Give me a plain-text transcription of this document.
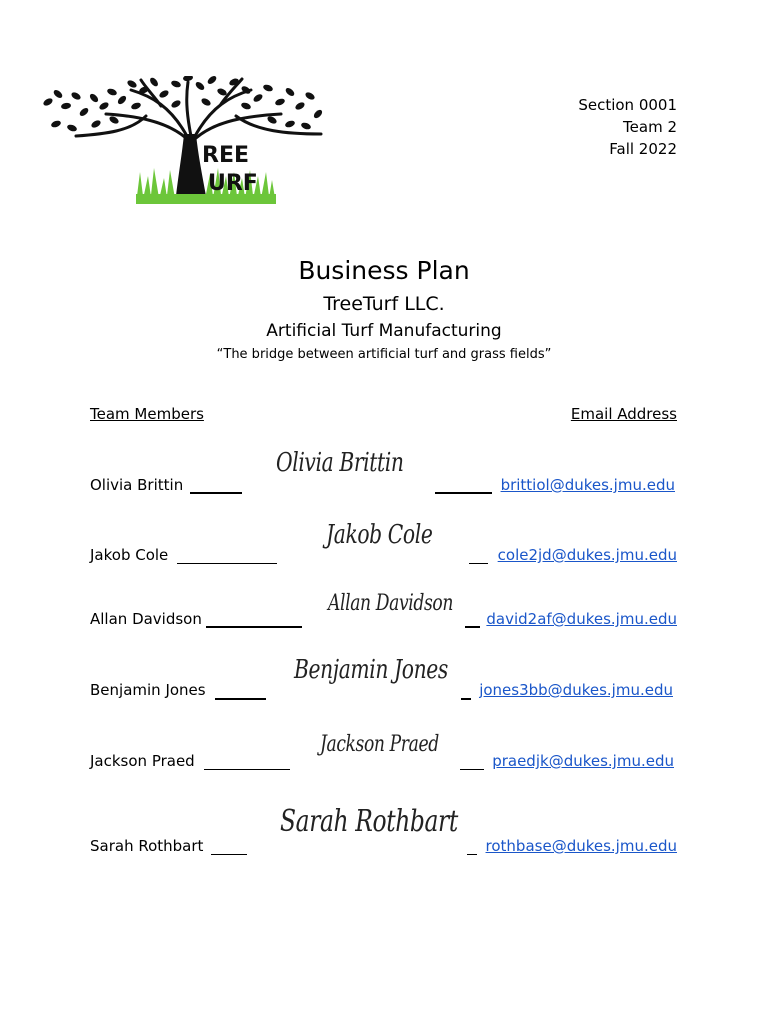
REE
URF
Section 0001
Team 2
Fall 2022
Business Plan
TreeTurf LLC.
Artificial Turf Manufacturing
“The bridge between artificial turf and grass fields”
Team Members	Email Address
Olivia Brittin
Olivia Brittin
brittiol@dukes.jmu.edu
Jakob Cole
Jakob Cole
cole2jd@dukes.jmu.edu
Allan Davidson
Allan Davidson
david2af@dukes.jmu.edu
Benjamin Jones
Benjamin Jones
jones3bb@dukes.jmu.edu
Jackson Praed
Jackson Praed
praedjk@dukes.jmu.edu
Sarah Rothbart
Sarah Rothbart
rothbase@dukes.jmu.edu
